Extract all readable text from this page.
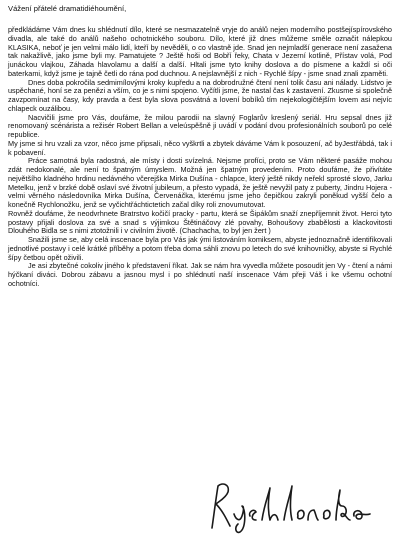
Vážení přátelé dramatidiéhoumění,

předkládáme Vám dnes ku shlédnutí dílo, které se nesmazatelně vryje do análů nejen moderního postšejíspírovského divadla, ale také do análů našeho ochotnického souboru. Dílo, které již dnes můžeme směle označit nálepkou KLASIKA, neboť je jen velmi málo lidí, kteří by nevěděli, o co vlastně jde. Snad jen nejmladší generace není zasažena tak nakažlivě, jako jsme byli my. Pamatujete ? Ještě hoši od Bobří řeky, Chata v Jezerní kotlině, Přístav volá, Pod junáckou vlajkou, Záhada hlavolamu a další a další. Hltali jsme tyto knihy doslova a do písmene a každí si oči baterkami, když jsme je tajně četli do rána pod duchnou. A nejslavnější z nich - Rychlé šípy - jsme snad znali zpaměti.

Dnes doba pokročila sedmimílovými kroky kupředu a na dobrodružné čtení není tolik času ani nálady. Lidstvo je uspěchané, honí se za penězi a vším, co je s nimi spojeno. Vyčítli jsme, že nastal čas k zastavení. Zkusme si společně zavzpomínat na časy, kdy pravda a čest byla slova posvátná a lovení bobíků tím nejekologičtějším lovem asi nejvíc chlapeck ouzálibou.

Nacvičili jsme pro Vás, doufáme, že milou parodii na slavný Foglarův kreslený seriál. Hru sepsal dnes již renomovaný scénárista a režisér Robert Bellan a veleúspěšně ji uvádí v podání dvou profesionálních souborů po celé republice.

My jsme si hru vzali za vzor, něco jsme připsali, něco vyškrtli a zbytek dáváme Vám k posouzení, ač byJestřábdá, tak i k pobavení.

Práce samotná byla radostná, ale místy i dosti svízelná. Nejsme profíci, proto se Vám některé pasáže mohou zdát nedokonalé, ale není to špatným úmyslem. Možná jen špatným provedením. Proto doufáme, že přivítáte největšího kladného hrdinu nedávného včerejška Mirka Dušína - chlapce, který ještě nikdy neřekl sprosté slovo, Jarku Metelku, jenž v brzké době oslaví své životní jubileum, a přesto vypadá, že ještě nevyžil paty z puberty, Jindru Hojera - velmi věrného následovníka Mirka Dušína, Červenáčka, kterému jsme jeho čepičkou zakryli poněkud vyšší čelo a konečně Rychlonožku, jenž se vyčichtřáchtictetich začal díky roli znovumutovat.

Rovněž doufáme, že neodvrhnete Bratrstvo kočičí pracky - partu, která se Šipákům snaží znepříjemnit život. Herci tyto postavy přijali doslova za své a snad s výjimkou Štětináčovy zlé povahy, Bohoušovy zbabělosti a klackovitosti Dlouhého Bidla se s nimi ztotožnili i v civilním životě. (Chachacha, to byl jen žert )

Snažili jsme se, aby celá inscenace byla pro Vás jak ými listováním komiksem, abyste jednoznačně identifikovali jednotlivé postavy i celé krátké příběhy a potom třeba doma sáhli znovu po letech do své knihovničky, abyste si Rychlé šípy četbou opět oživili.

Je asi zbytečné cokoliv jiného k představení říkat. Jak se nám hra vyvedla můžete posoudit jen Vy - čtení a námi hýčkaní diváci. Dobrou zábavu a jasnou mysl i po shlédnutí naší inscenace Vám přeji Váš i ke všemu ochotní ochotníci.
